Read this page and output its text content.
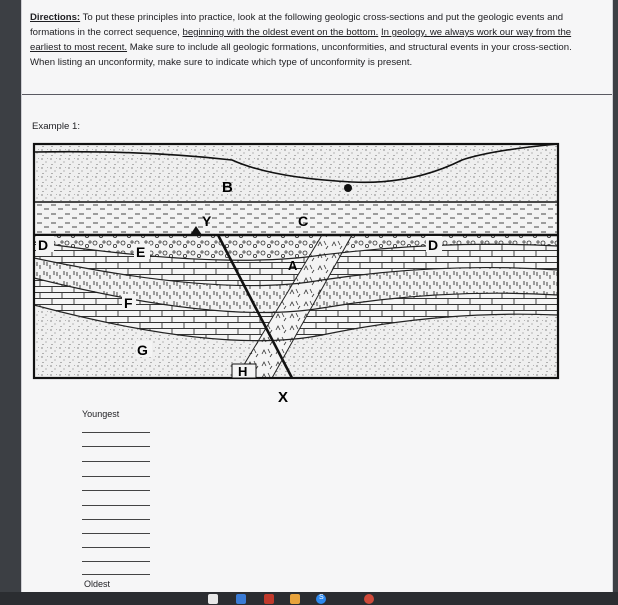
Directions: To put these principles into practice, look at the following geologic cross-sections and put the geologic events and formations in the correct sequence, beginning with the oldest event on the bottom. In geology, we always work our way from the earliest to most recent. Make sure to include all geologic formations, unconformities, and structural events in your cross-section. When listing an unconformity, make sure to indicate which type of unconformity is present.
Example 1:
B
Y	C
D	D
E
A
F
G
H
X
Youngest
Oldest
S
